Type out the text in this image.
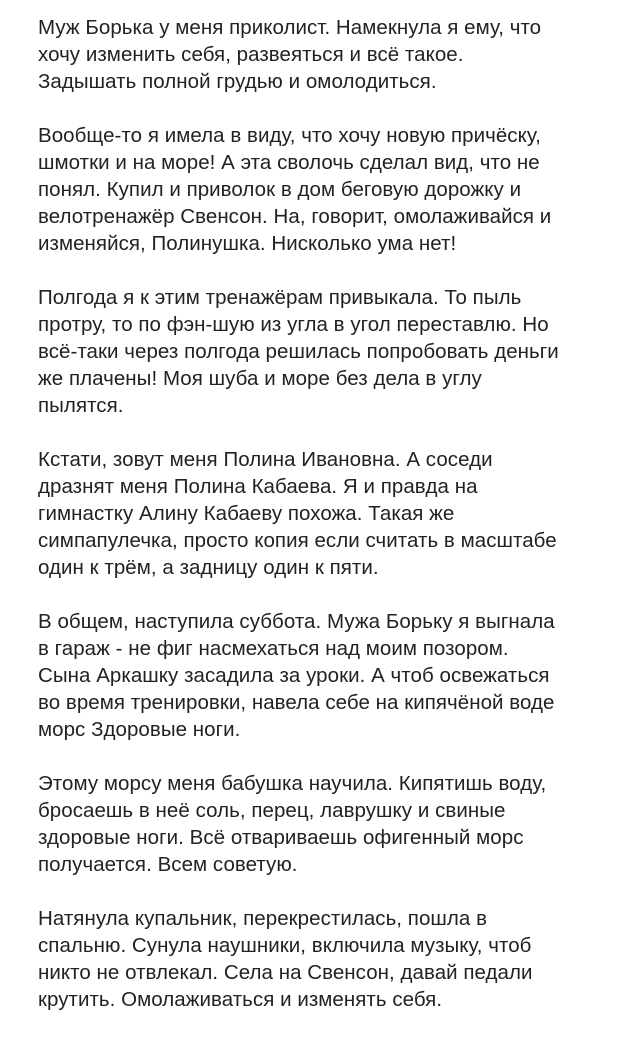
Муж Борька у меня приколист. Намекнула я ему, что
хочу изменить себя, развеяться и всё такое.
Задышать полной грудью и омолодиться.

Вообще-то я имела в виду, что хочу новую причёску,
шмотки и на море! А эта сволочь сделал вид, что не
понял. Купил и приволок в дом беговую дорожку и
велотренажёр Свенсон. На, говорит, омолаживайся и
изменяйся, Полинушка. Нисколько ума нет!

Полгода я к этим тренажёрам привыкала. То пыль
протру, то по фэн-шую из угла в угол переставлю. Но
всё-таки через полгода решилась попробовать деньги
же плачены! Моя шуба и море без дела в углу
пылятся.

Кстати, зовут меня Полина Ивановна. А соседи
дразнят меня Полина Кабаева. Я и правда на
гимнастку Алину Кабаеву похожа. Такая же
симпапулечка, просто копия если считать в масштабе
один к трём, а задницу один к пяти.

В общем, наступила суббота. Мужа Борьку я выгнала
в гараж - не фиг насмехаться над моим позором.
Сына Аркашку засадила за уроки. А чтоб освежаться
во время тренировки, навела себе на кипячёной воде
морс Здоровые ноги.

Этому морсу меня бабушка научила. Кипятишь воду,
бросаешь в неё соль, перец, лаврушку и свиные
здоровые ноги. Всё отвариваешь офигенный морс
получается. Всем советую.

Натянула купальник, перекрестилась, пошла в
спальню. Сунула наушники, включила музыку, чтоб
никто не отвлекал. Села на Свенсон, давай педали
крутить. Омолаживаться и изменять себя.
